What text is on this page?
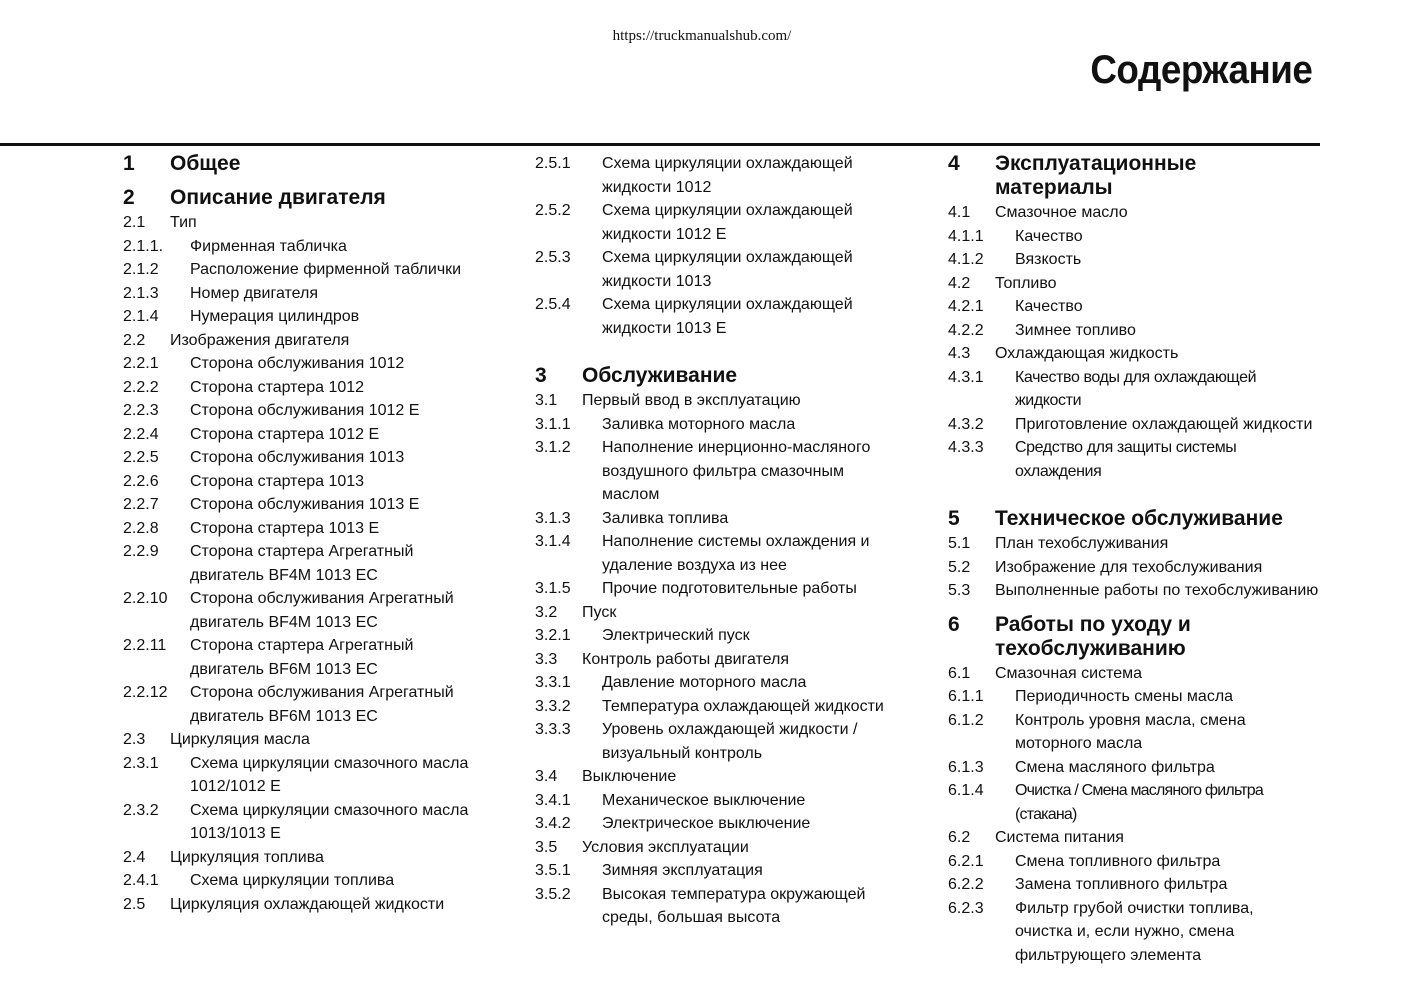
https://truckmanualshub.com/
Содержание
1	Общее
2	Описание двигателя
2.1	Тип
2.1.1.	Фирменная табличка
2.1.2	Расположение фирменной таблички
2.1.3	Номер двигателя
2.1.4	Нумерация цилиндров
2.2	Изображения двигателя
2.2.1	Сторона обслуживания 1012
2.2.2	Сторона стартера 1012
2.2.3	Сторона обслуживания 1012 E
2.2.4	Сторона стартера 1012 E
2.2.5	Сторона обслуживания 1013
2.2.6	Сторона стартера 1013
2.2.7	Сторона обслуживания 1013 E
2.2.8	Сторона стартера 1013 E
2.2.9	Сторона стартера Агрегатный двигатель BF4M 1013 EC
2.2.10	Сторона обслуживания Агрегатный двигатель BF4M 1013 EC
2.2.11	Сторона стартера Агрегатный двигатель BF6M 1013 EC
2.2.12	Сторона обслуживания Агрегатный двигатель BF6M 1013 EC
2.3	Циркуляция масла
2.3.1	Схема циркуляции смазочного масла 1012/1012 E
2.3.2	Схема циркуляции смазочного масла 1013/1013 E
2.4	Циркуляция топлива
2.4.1	Схема циркуляции топлива
2.5	Циркуляция охлаждающей жидкости
2.5.1	Схема циркуляции охлаждающей жидкости 1012
2.5.2	Схема циркуляции охлаждающей жидкости 1012 E
2.5.3	Схема циркуляции охлаждающей жидкости 1013
2.5.4	Схема циркуляции охлаждающей жидкости 1013 E
3	Обслуживание
3.1	Первый ввод в эксплуатацию
3.1.1	Заливка моторного масла
3.1.2	Наполнение инерционно-масляного воздушного фильтра смазочным маслом
3.1.3	Заливка топлива
3.1.4	Наполнение системы охлаждения и удаление воздуха из нее
3.1.5	Прочие подготовительные работы
3.2	Пуск
3.2.1	Электрический пуск
3.3	Контроль работы двигателя
3.3.1	Давление моторного масла
3.3.2	Температура охлаждающей жидкости
3.3.3	Уровень охлаждающей жидкости / визуальный контроль
3.4	Выключение
3.4.1	Механическое выключение
3.4.2	Электрическое выключение
3.5	Условия эксплуатации
3.5.1	Зимняя эксплуатация
3.5.2	Высокая температура окружающей среды, большая высота
4	Эксплуатационные материалы
4.1	Смазочное масло
4.1.1	Качество
4.1.2	Вязкость
4.2	Топливо
4.2.1	Качество
4.2.2	Зимнее топливо
4.3	Охлаждающая жидкость
4.3.1	Качество воды для охлаждающей жидкости
4.3.2	Приготовление охлаждающей жидкости
4.3.3	Средство для защиты системы охлаждения
5	Техническое обслуживание
5.1	План техобслуживания
5.2	Изображение для техобслуживания
5.3	Выполненные работы по техобслуживанию
6	Работы по уходу и техобслуживанию
6.1	Смазочная система
6.1.1	Периодичность смены масла
6.1.2	Контроль уровня масла, смена моторного масла
6.1.3	Смена масляного фильтра
6.1.4	Очистка / Смена масляного фильтра (стакана)
6.2	Система питания
6.2.1	Смена топливного фильтра
6.2.2	Замена топливного фильтра
6.2.3	Фильтр грубой очистки топлива, очистка и, если нужно, смена фильтрующего элемента
